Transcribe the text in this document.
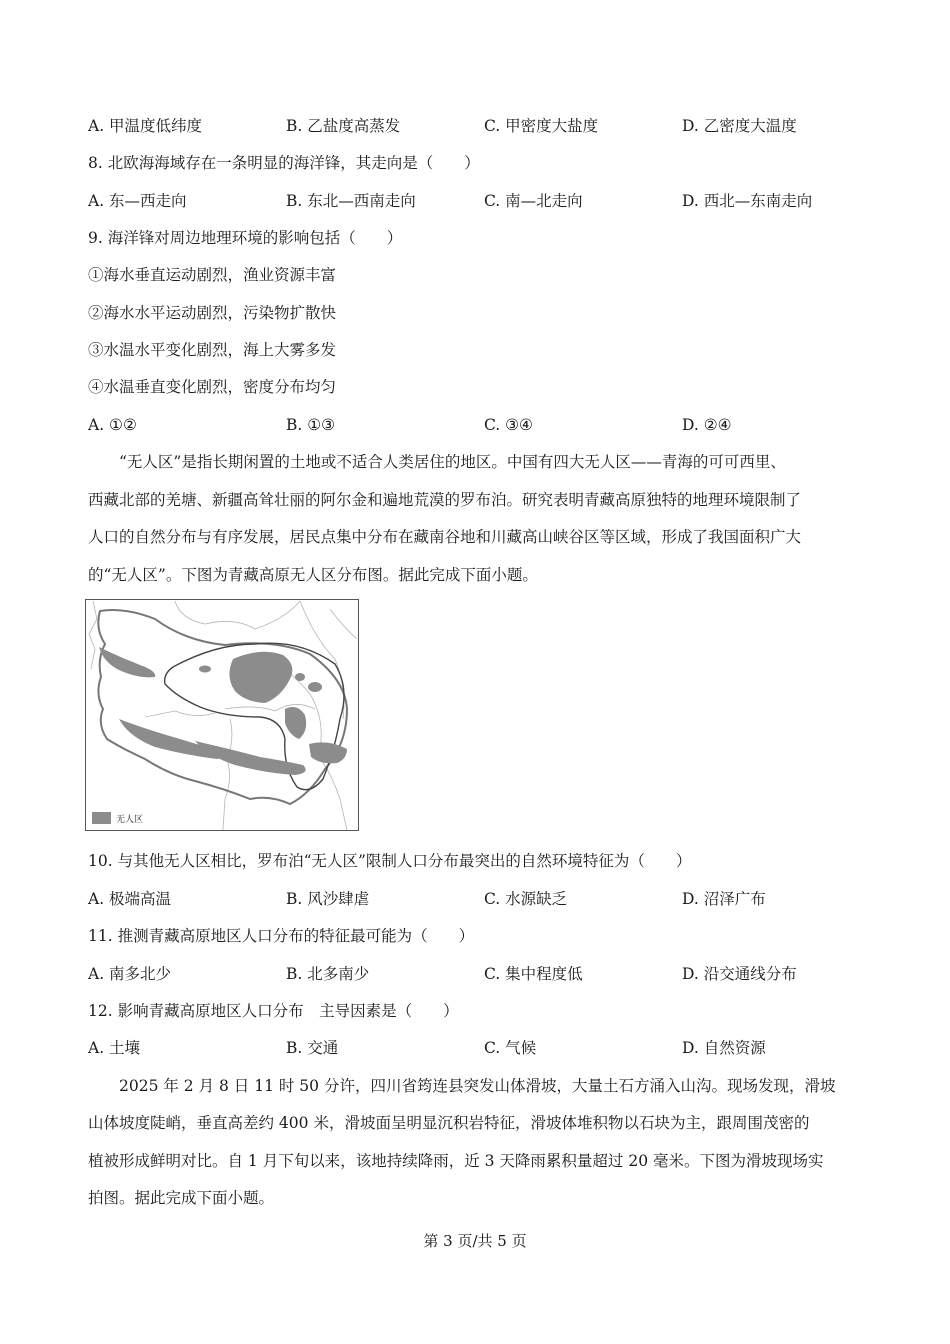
A. 甲温度低纬度	B. 乙盐度高蒸发	C. 甲密度大盐度	D. 乙密度大温度
8. 北欧海海域存在一条明显的海洋锋，其走向是（　　）
A. 东—西走向	B. 东北—西南走向	C. 南—北走向	D. 西北—东南走向
9. 海洋锋对周边地理环境的影响包括（　　）
①海水垂直运动剧烈，渔业资源丰富
②海水水平运动剧烈，污染物扩散快
③水温水平变化剧烈，海上大雾多发
④水温垂直变化剧烈，密度分布均匀
A. ①②	B. ①③	C. ③④	D. ②④
“无人区”是指长期闲置的土地或不适合人类居住的地区。中国有四大无人区——青海的可可西里、
西藏北部的羌塘、新疆高耸壮丽的阿尔金和遍地荒漠的罗布泊。研究表明青藏高原独特的地理环境限制了
人口的自然分布与有序发展，居民点集中分布在藏南谷地和川藏高山峡谷区等区域，形成了我国面积广大
的“无人区”。下图为青藏高原无人区分布图。据此完成下面小题。
无人区
10. 与其他无人区相比，罗布泊“无人区”限制人口分布最突出的自然环境特征为（　　）
A. 极端高温	B. 风沙肆虐	C. 水源缺乏	D. 沼泽广布
11. 推测青藏高原地区人口分布的特征最可能为（　　）
A. 南多北少	B. 北多南少	C. 集中程度低	D. 沿交通线分布
12. 影响青藏高原地区人口分布　主导因素是（　　）
A. 土壤	B. 交通	C. 气候	D. 自然资源
2025 年 2 月 8 日 11 时 50 分许，四川省筠连县突发山体滑坡，大量土石方涌入山沟。现场发现，滑坡
山体坡度陡峭，垂直高差约 400 米，滑坡面呈明显沉积岩特征，滑坡体堆积物以石块为主，跟周围茂密的
植被形成鲜明对比。自 1 月下旬以来，该地持续降雨，近 3 天降雨累积量超过 20 毫米。下图为滑坡现场实
拍图。据此完成下面小题。
第 3 页/共 5 页
